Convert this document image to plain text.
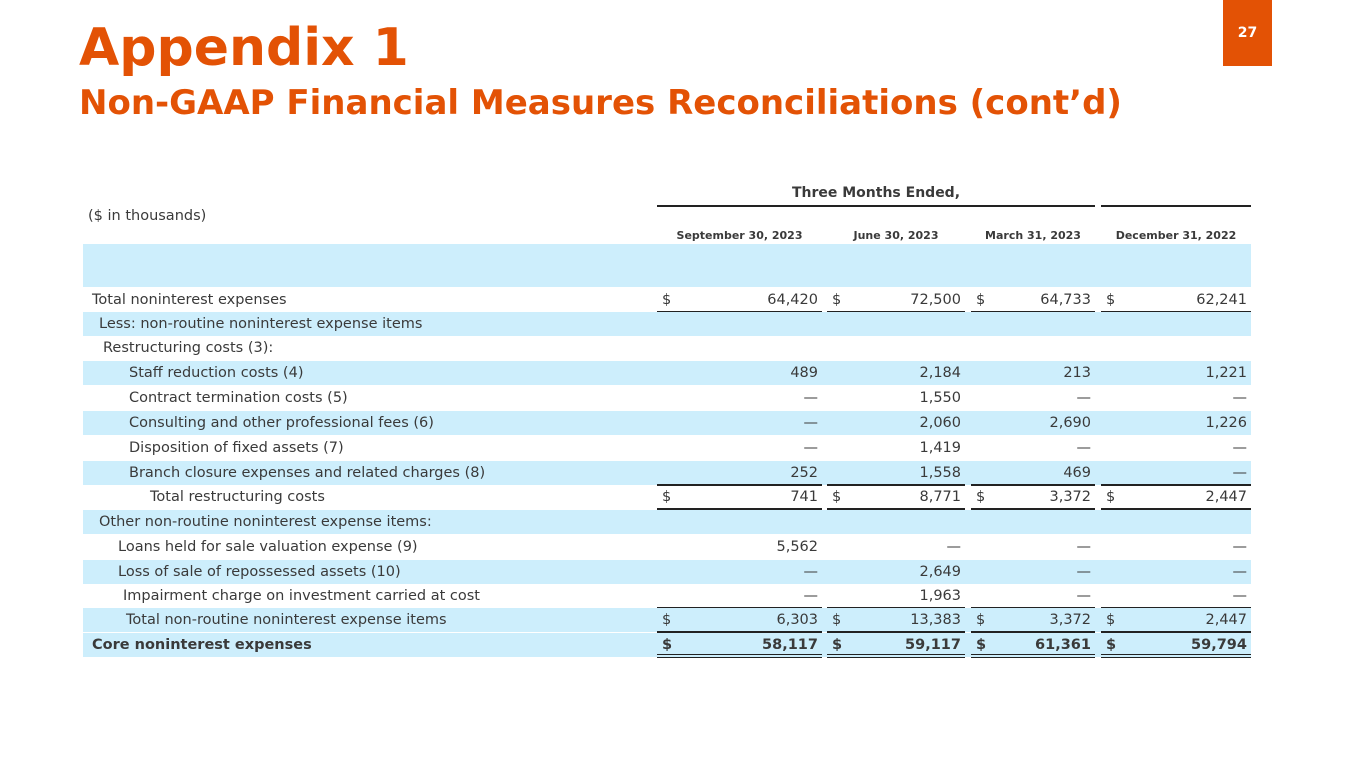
Appendix 1
Non-GAAP Financial Measures Reconciliations (cont’d)
27
Three Months Ended,
($ in thousands)
September 30, 2023	June 30, 2023	March 31, 2023	December 31, 2022
Total noninterest expenses	$	64,420 $	72,500 $	64,733 $	62,241
Less: non-routine noninterest expense items
Restructuring costs (3):
Staff reduction costs (4)	489	2,184	213	1,221
Contract termination costs (5)	—	1,550	—	—
Consulting and other professional fees (6)	—	2,060	2,690	1,226
Disposition of fixed assets (7)	—	1,419	—	—
Branch closure expenses and related charges (8)	252	1,558	469	—
Total restructuring costs	$	741 $	8,771 $	3,372 $	2,447
Other non-routine noninterest expense items:
Loans held for sale valuation expense (9)	5,562	—	—	—
Loss of sale of repossessed assets (10)	—	2,649	—	—
Impairment charge on investment carried at cost	—	1,963	—	—
Total non-routine noninterest expense items	$	6,303 $	13,383 $	3,372 $	2,447
Core noninterest expenses	$	58,117 $	59,117 $	61,361 $	59,794
